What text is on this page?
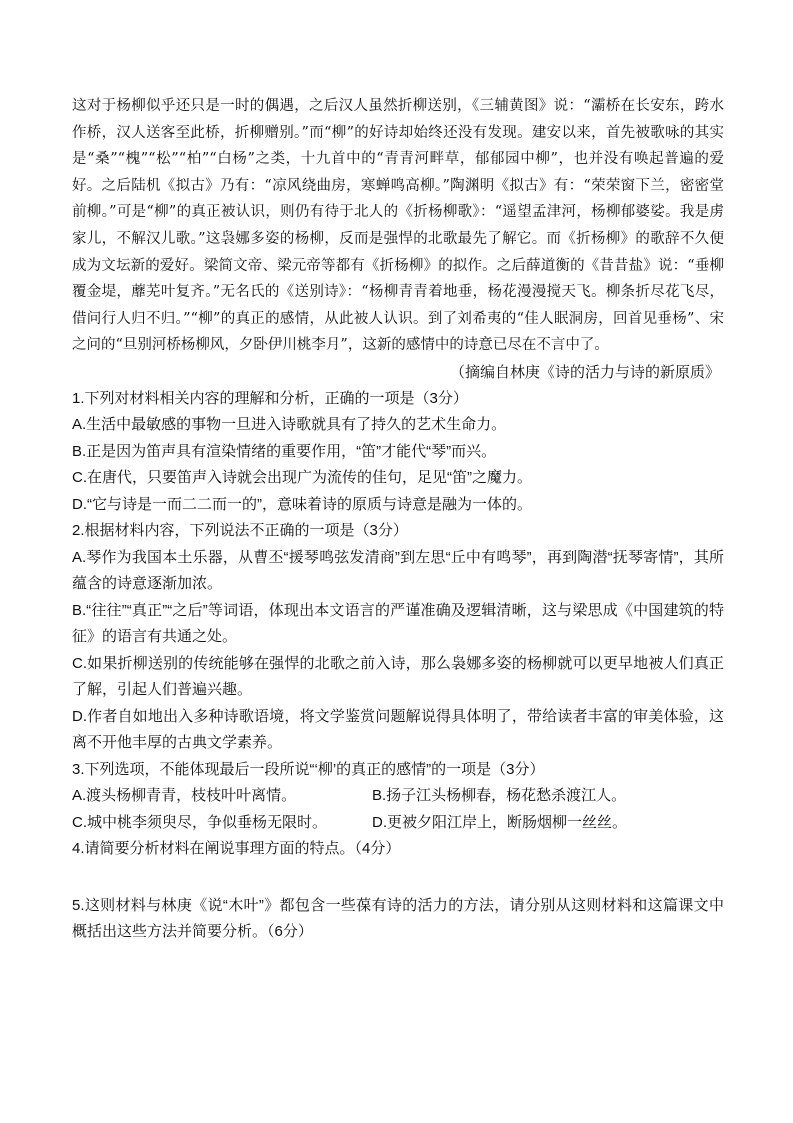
这对于杨柳似乎还只是一时的偶遇，之后汉人虽然折柳送别，《三辅黄图》说：“灞桥在长安东，跨水作桥，汉人送客至此桥，折柳赠别。”而“柳”的好诗却始终还没有发现。建安以来，首先被歌咏的其实是“桑”“槐”“松”“柏”“白杨”之类，十九首中的“青青河畔草，郁郁园中柳”，也并没有唤起普遍的爱好。之后陆机《拟古》乃有：“凉风绕曲房，寒蝉鸣高柳。”陶渊明《拟古》有：“荣荣窗下兰，密密堂前柳。”可是“柳”的真正被认识，则仍有待于北人的《折杨柳歌》：“遥望孟津河，杨柳郁婆娑。我是虏家儿，不解汉儿歌。”这袅娜多姿的杨柳，反而是强悍的北歌最先了解它。而《折杨柳》的歌辞不久便成为文坛新的爱好。梁简文帝、梁元帝等都有《折杨柳》的拟作。之后薛道衡的《昔昔盐》说：“垂柳覆金堤，蘼芜叶复齐。”无名氏的《送别诗》：“杨柳青青着地垂，杨花漫漫搅天飞。柳条折尽花飞尽，借问行人归不归。”“柳”的真正的感情，从此被人认识。到了刘希夷的“佳人眠洞房，回首见垂杨”、宋之问的“旦别河桥杨柳风，夕卧伊川桃李月”，这新的感情中的诗意已尽在不言中了。

（摘编自林庚《诗的活力与诗的新原质》

1.下列对材料相关内容的理解和分析，正确的一项是（3分）

A.生活中最敏感的事物一旦进入诗歌就具有了持久的艺术生命力。

B.正是因为笛声具有渲染情绪的重要作用，“笛”才能代“琴”而兴。

C.在唐代，只要笛声入诗就会出现广为流传的佳句，足见“笛”之魔力。

D.“它与诗是一而二二而一的”，意味着诗的原质与诗意是融为一体的。

2.根据材料内容，下列说法不正确的一项是（3分）

A.琴作为我国本土乐器，从曹丕“援琴鸣弦发清商”到左思“丘中有鸣琴”，再到陶潜“抚琴寄情”，其所蕴含的诗意逐渐加浓。

B.“往往”“真正”“之后”等词语，体现出本文语言的严谨准确及逻辑清晰，这与梁思成《中国建筑的特征》的语言有共通之处。

C.如果折柳送别的传统能够在强悍的北歌之前入诗，那么袅娜多姿的杨柳就可以更早地被人们真正了解，引起人们普遍兴趣。

D.作者自如地出入多种诗歌语境，将文学鉴赏问题解说得具体明了，带给读者丰富的审美体验，这离不开他丰厚的古典文学素养。

3.下列选项，不能体现最后一段所说“‘柳’的真正的感情”的一项是（3分）

A.渡头杨柳青青，枝枝叶叶离情。	B.扬子江头杨柳春，杨花愁杀渡江人。
C.城中桃李须臾尽，争似垂杨无限时。	D.更被夕阳江岸上，断肠烟柳一丝丝。

4.请简要分析材料在阐说事理方面的特点。（4分）

5.这则材料与林庚《说“木叶”》都包含一些葆有诗的活力的方法，请分别从这则材料和这篇课文中概括出这些方法并简要分析。（6分）
